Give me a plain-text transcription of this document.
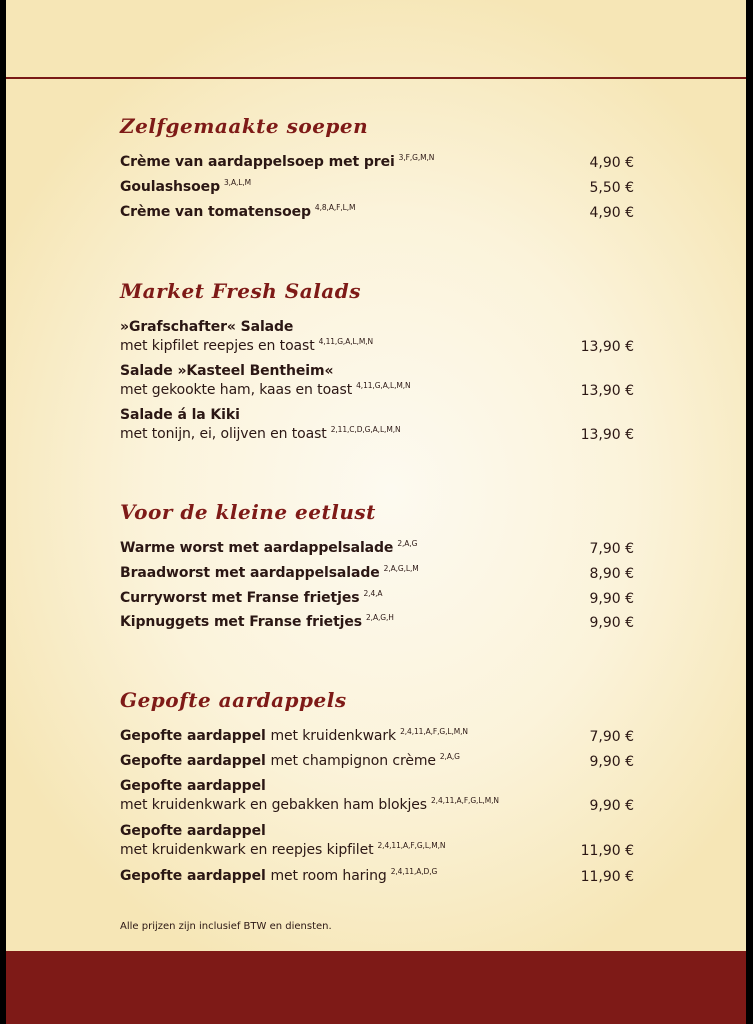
Zelfgemaakte soepen
Crème van aardappelsoep met prei $^{3,F,G,M,N}$	4,90 €
Goulashsoep $^{3,A,L,M}$	5,50 €
Crème van tomatensoep $^{4,8,A,F,L,M}$	4,90 €
Market Fresh Salads
»Grafschafter« Salade
met kipfilet reepjes en toast $^{4,11,G,A,L,M,N}$	13,90 €
Salade »Kasteel Bentheim«
met gekookte ham, kaas en toast $^{4,11,G,A,L,M,N}$	13,90 €
Salade á la Kiki
met tonijn, ei, olijven en toast $^{2,11,C,D,G,A,L,M,N}$	13,90 €
Voor de kleine eetlust
Warme worst met aardappelsalade $^{2,A,G}$	7,90 €
Braadworst met aardappelsalade $^{2,A,G,L,M}$	8,90 €
Curryworst met Franse frietjes $^{2,4,A}$	9,90 €
Kipnuggets met Franse frietjes $^{2,A,G,H}$	9,90 €
Gepofte aardappels
Gepofte aardappel met kruidenkwark $^{2,4,11,A,F,G,L,M,N}$	7,90 €
Gepofte aardappel met champignon crème $^{2,A,G}$	9,90 €
Gepofte aardappel
met kruidenkwark en gebakken ham blokjes $^{2,4,11,A,F,G,L,M,N}$	9,90 €
Gepofte aardappel
met kruidenkwark en reepjes kipfilet $^{2,4,11,A,F,G,L,M,N}$	11,90 €
Gepofte aardappel met room haring $^{2,4,11,A,D,G}$	11,90 €
Alle prijzen zijn inclusief BTW en diensten.
